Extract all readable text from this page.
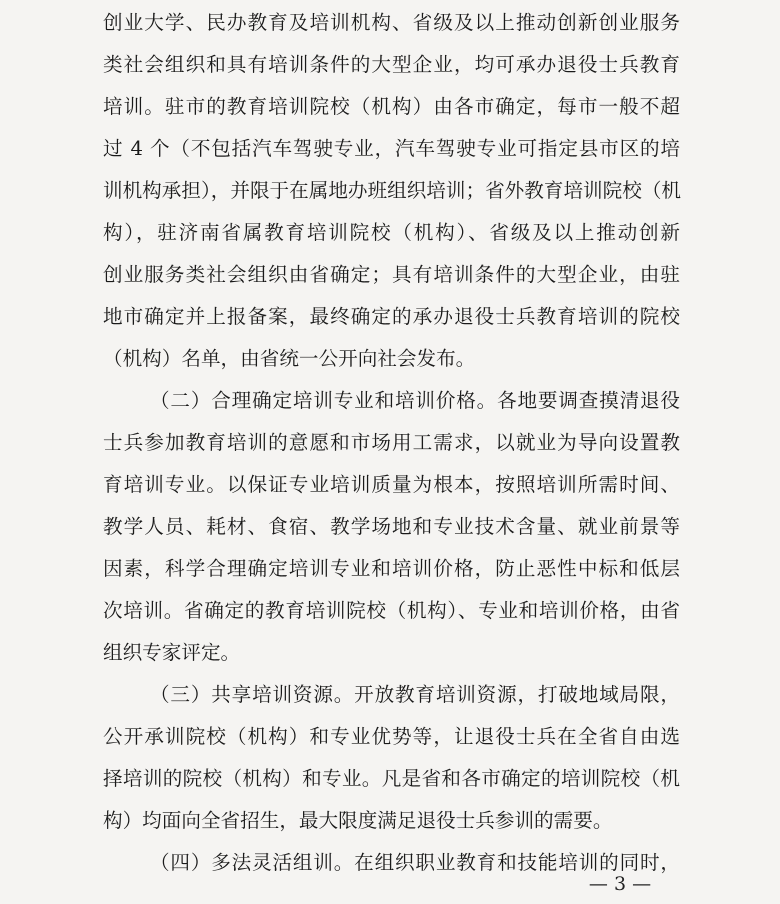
创业大学、民办教育及培训机构、省级及以上推动创新创业服务
类社会组织和具有培训条件的大型企业，均可承办退役士兵教育
培训。驻市的教育培训院校（机构）由各市确定，每市一般不超
过 4 个（不包括汽车驾驶专业，汽车驾驶专业可指定县市区的培
训机构承担），并限于在属地办班组织培训；省外教育培训院校（机
构），驻济南省属教育培训院校（机构）、省级及以上推动创新
创业服务类社会组织由省确定；具有培训条件的大型企业，由驻
地市确定并上报备案，最终确定的承办退役士兵教育培训的院校
（机构）名单，由省统一公开向社会发布。
（二）合理确定培训专业和培训价格。各地要调查摸清退役
士兵参加教育培训的意愿和市场用工需求，以就业为导向设置教
育培训专业。以保证专业培训质量为根本，按照培训所需时间、
教学人员、耗材、食宿、教学场地和专业技术含量、就业前景等
因素，科学合理确定培训专业和培训价格，防止恶性中标和低层
次培训。省确定的教育培训院校（机构）、专业和培训价格，由省
组织专家评定。
（三）共享培训资源。开放教育培训资源，打破地域局限，
公开承训院校（机构）和专业优势等，让退役士兵在全省自由选
择培训的院校（机构）和专业。凡是省和各市确定的培训院校（机
构）均面向全省招生，最大限度满足退役士兵参训的需要。
（四）多法灵活组训。在组织职业教育和技能培训的同时，
— 3 —
